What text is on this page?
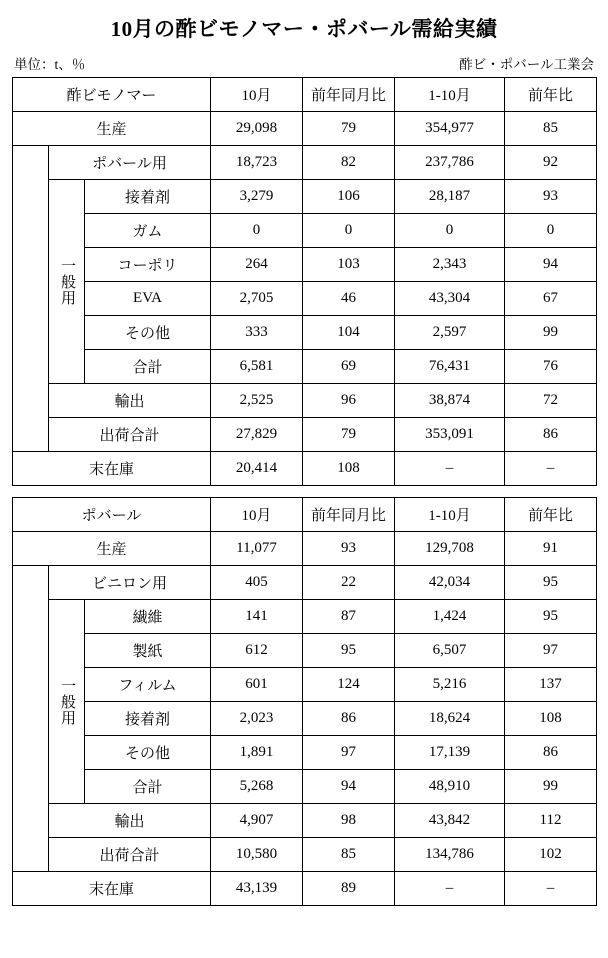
10月の酢ビモノマー・ポバール需給実績
単位：t、％	酢ビ・ポバール工業会
酢ビモノマー			10月	前年同月比	1-10月	前年比
生産			29,098	79	354,977	85
	ポバール用		18,723	82	237,786	92
	一般用	接着剤	3,279	106	28,187	93
		ガム	0	0	0	0
		コーポリ	264	103	2,343	94
		EVA	2,705	46	43,304	67
		その他	333	104	2,597	99
		合計	6,581	69	76,431	76
	輸出		2,525	96	38,874	72
	出荷合計		27,829	79	353,091	86
末在庫			20,414	108	–	–
ポバール			10月	前年同月比	1-10月	前年比
生産			11,077	93	129,708	91
	ビニロン用		405	22	42,034	95
	一般用	繊維	141	87	1,424	95
		製紙	612	95	6,507	97
		フィルム	601	124	5,216	137
		接着剤	2,023	86	18,624	108
		その他	1,891	97	17,139	86
		合計	5,268	94	48,910	99
	輸出		4,907	98	43,842	112
	出荷合計		10,580	85	134,786	102
末在庫			43,139	89	–	–
